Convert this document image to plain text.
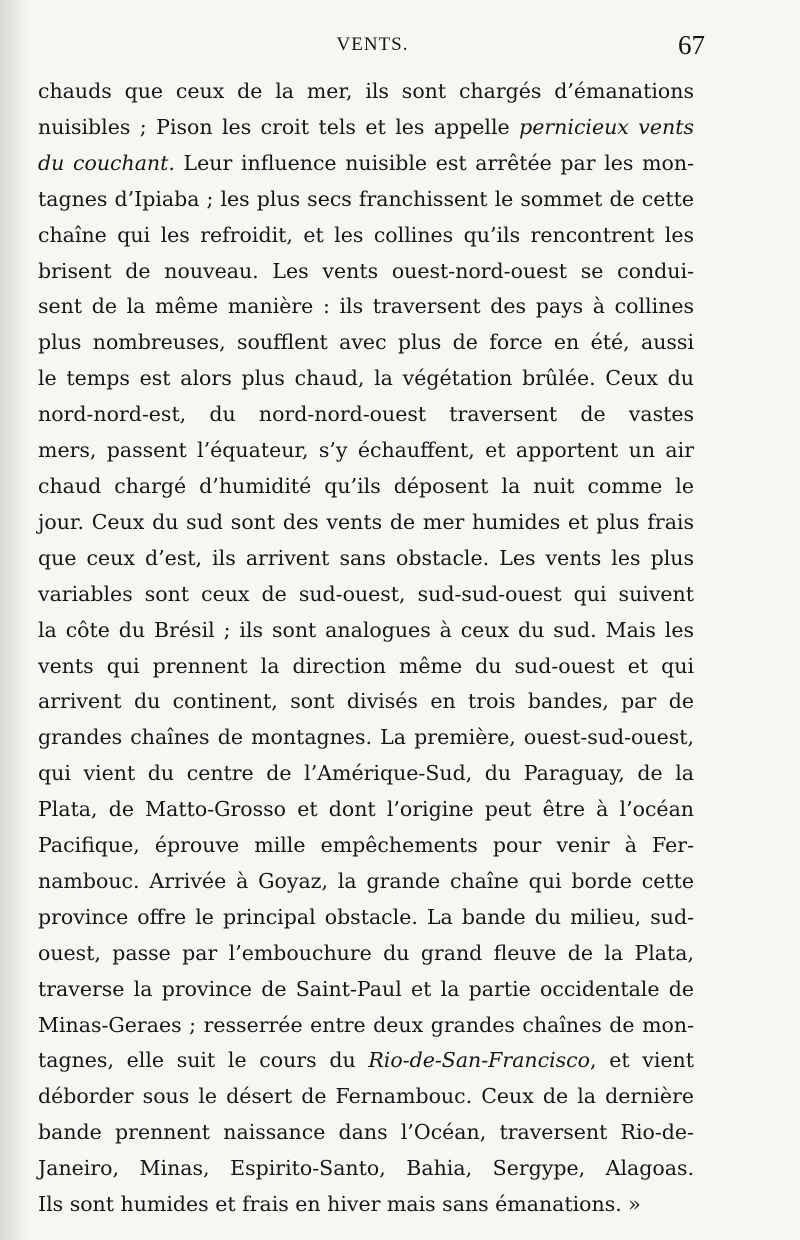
VENTS.	67
chauds que ceux de la mer, ils sont chargés d’émanations
nuisibles ; Pison les croit tels et les appelle pernicieux vents
du couchant. Leur influence nuisible est arrêtée par les mon-
tagnes d’Ipiaba ; les plus secs franchissent le sommet de cette
chaîne qui les refroidit, et les collines qu’ils rencontrent les
brisent de nouveau. Les vents ouest-nord-ouest se condui-
sent de la même manière : ils traversent des pays à collines
plus nombreuses, soufflent avec plus de force en été, aussi
le temps est alors plus chaud, la végétation brûlée. Ceux du
nord-nord-est, du nord-nord-ouest traversent de vastes
mers, passent l’équateur, s’y échauffent, et apportent un air
chaud chargé d’humidité qu’ils déposent la nuit comme le
jour. Ceux du sud sont des vents de mer humides et plus frais
que ceux d’est, ils arrivent sans obstacle. Les vents les plus
variables sont ceux de sud-ouest, sud-sud-ouest qui suivent
la côte du Brésil ; ils sont analogues à ceux du sud. Mais les
vents qui prennent la direction même du sud-ouest et qui
arrivent du continent, sont divisés en trois bandes, par de
grandes chaînes de montagnes. La première, ouest-sud-ouest,
qui vient du centre de l’Amérique-Sud, du Paraguay, de la
Plata, de Matto-Grosso et dont l’origine peut être à l’océan
Pacifique, éprouve mille empêchements pour venir à Fer-
nambouc. Arrivée à Goyaz, la grande chaîne qui borde cette
province offre le principal obstacle. La bande du milieu, sud-
ouest, passe par l’embouchure du grand fleuve de la Plata,
traverse la province de Saint-Paul et la partie occidentale de
Minas-Geraes ; resserrée entre deux grandes chaînes de mon-
tagnes, elle suit le cours du Rio-de-San-Francisco, et vient
déborder sous le désert de Fernambouc. Ceux de la dernière
bande prennent naissance dans l’Océan, traversent Rio-de-
Janeiro, Minas, Espirito-Santo, Bahia, Sergype, Alagoas.
Ils sont humides et frais en hiver mais sans émanations. »
